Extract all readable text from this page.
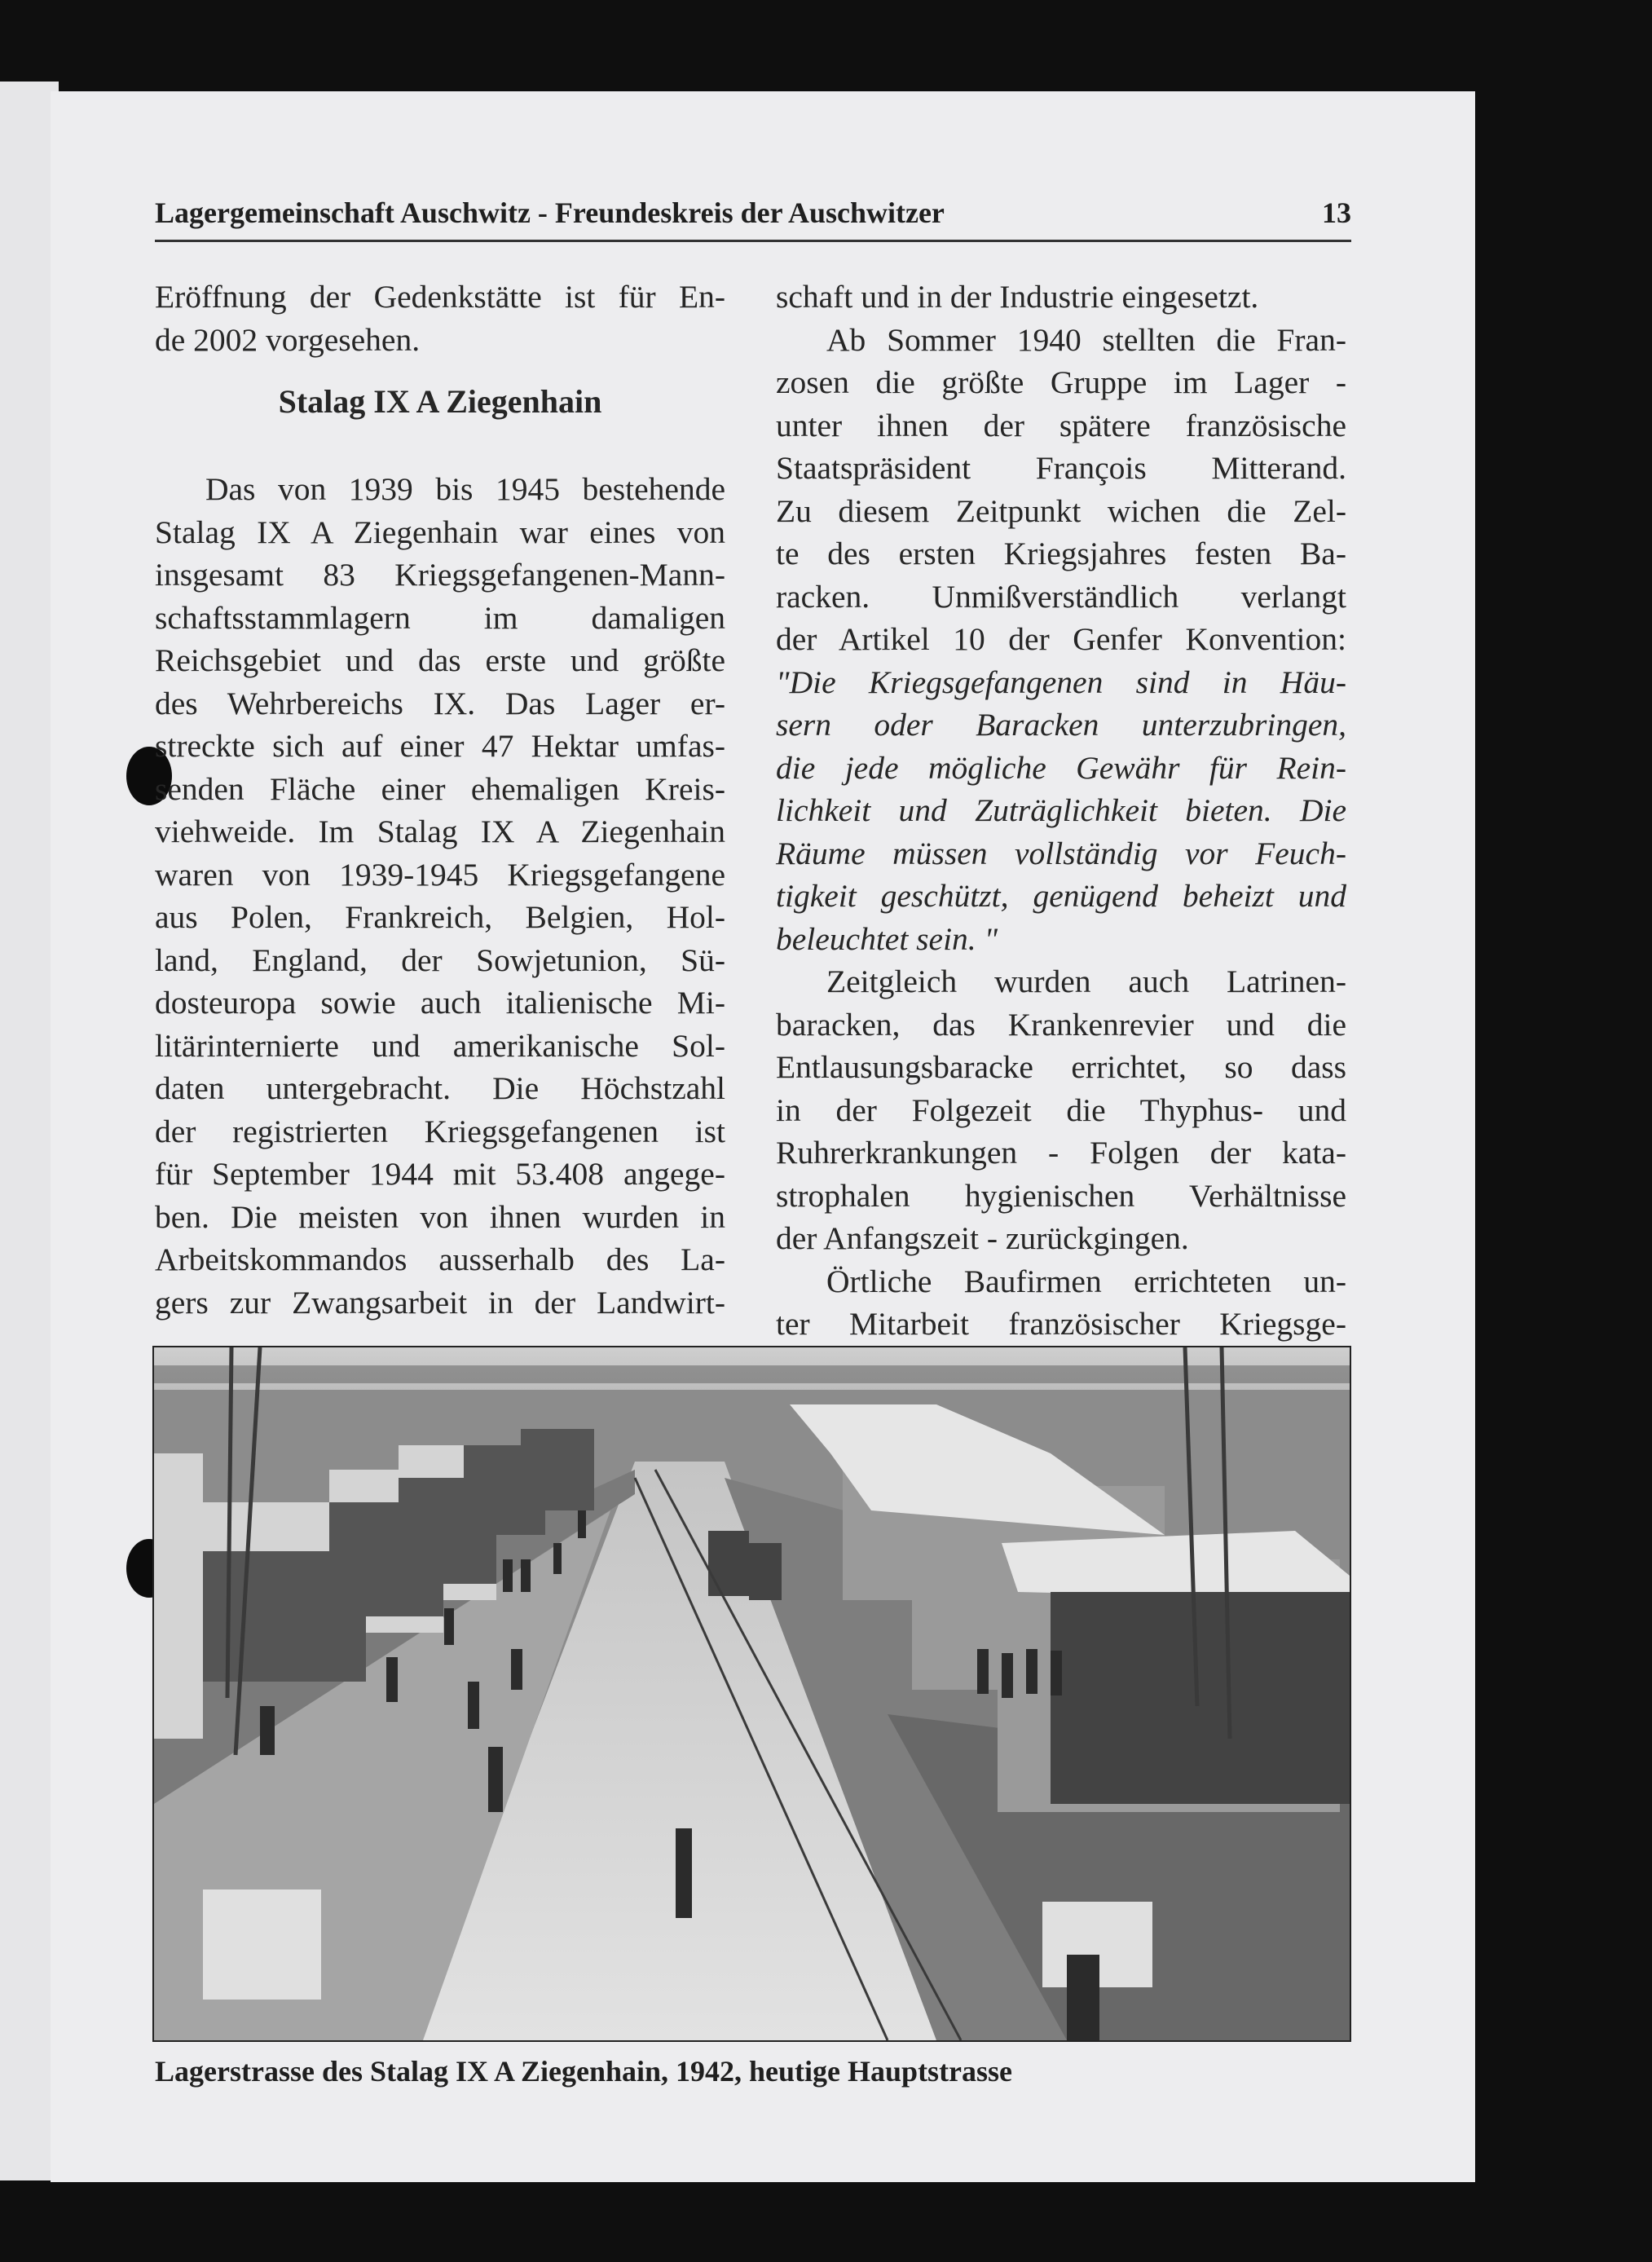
Lagergemeinschaft Auschwitz - Freundeskreis der Auschwitzer	13
Eröffnung der Gedenkstätte ist für En-
de 2002 vorgesehen.
Stalag IX A Ziegenhain
Das von 1939 bis 1945 bestehende
Stalag IX A Ziegenhain war eines von
insgesamt 83 Kriegsgefangenen-Mann-
schaftsstammlagern im damaligen
Reichsgebiet und das erste und größte
des Wehrbereichs IX. Das Lager er-
streckte sich auf einer 47 Hektar umfas-
senden Fläche einer ehemaligen Kreis-
viehweide. Im Stalag IX A Ziegenhain
waren von 1939-1945 Kriegsgefangene
aus Polen, Frankreich, Belgien, Hol-
land, England, der Sowjetunion, Sü-
dosteuropa sowie auch italienische Mi-
litärinternierte und amerikanische Sol-
daten untergebracht. Die Höchstzahl
der registrierten Kriegsgefangenen ist
für September 1944 mit 53.408 angege-
ben. Die meisten von ihnen wurden in
Arbeitskommandos ausserhalb des La-
gers zur Zwangsarbeit in der Landwirt-
schaft und in der Industrie eingesetzt.
Ab Sommer 1940 stellten die Fran-
zosen die größte Gruppe im Lager -
unter ihnen der spätere französische
Staatspräsident François Mitterand.
Zu diesem Zeitpunkt wichen die Zel-
te des ersten Kriegsjahres festen Ba-
racken. Unmißverständlich verlangt
der Artikel 10 der Genfer Konvention:
"Die Kriegsgefangenen sind in Häu-
sern oder Baracken unterzubringen,
die jede mögliche Gewähr für Rein-
lichkeit und Zuträglichkeit bieten. Die
Räume müssen vollständig vor Feuch-
tigkeit geschützt, genügend beheizt und
beleuchtet sein. "
Zeitgleich wurden auch Latrinen-
baracken, das Krankenrevier und die
Entlausungsbaracke errichtet, so dass
in der Folgezeit die Thyphus- und
Ruhrerkrankungen - Folgen der kata-
strophalen hygienischen Verhältnisse
der Anfangszeit - zurückgingen.
Örtliche Baufirmen errichteten un-
ter Mitarbeit französischer Kriegsge-
Lagerstrasse des Stalag IX A Ziegenhain, 1942, heutige Hauptstrasse
